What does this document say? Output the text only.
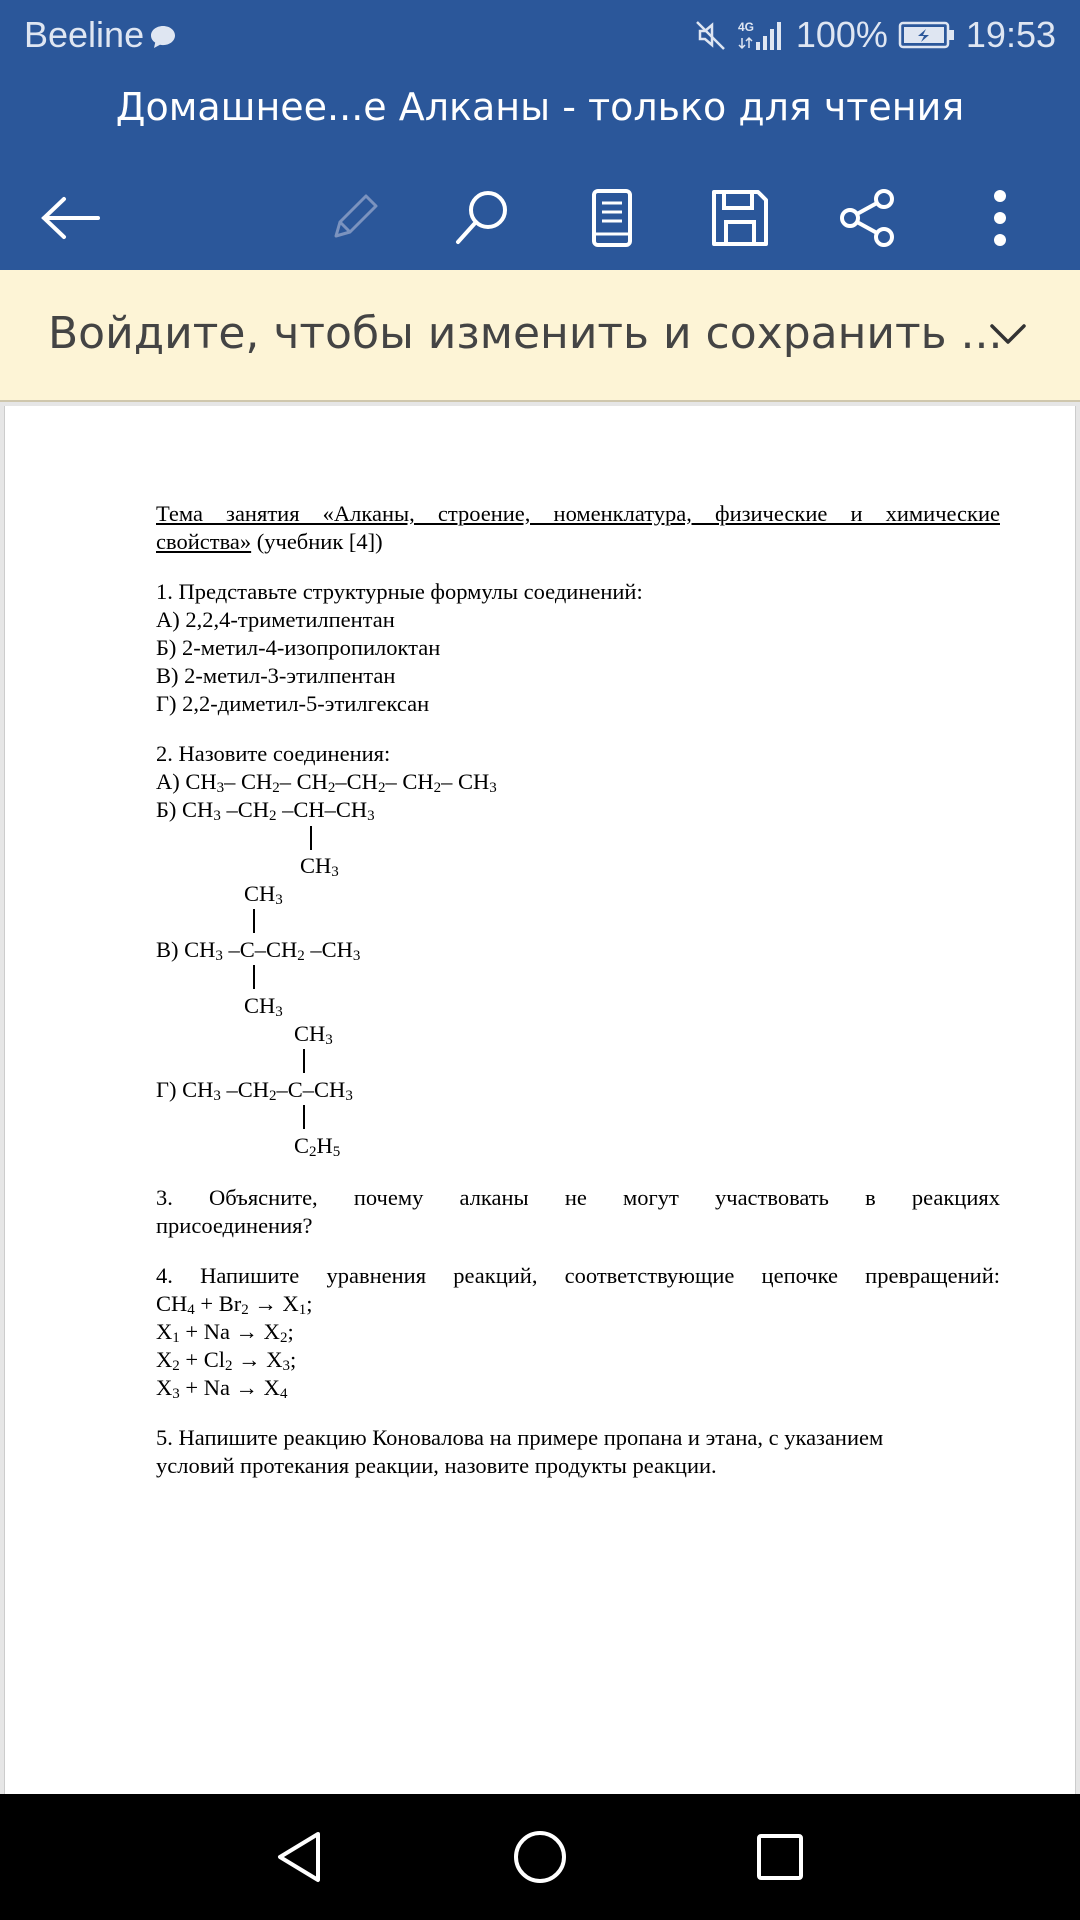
Beeline	4G 100% 19:53
Домашнее...е Алканы - только для чтения
Войдите, чтобы изменить и сохранить ...

Тема занятия «Алканы, строение, номенклатура, физические и химические

свойства» (учебник [4])

1. Представьте структурные формулы соединений:

А) 2,2,4-триметилпентан

Б) 2-метил-4-изопропилоктан

В) 2-метил-3-этилпентан

Г) 2,2-диметил-5-этилгексан

2. Назовите соединения:

А) $CH_3-$ $CH_2-$ $CH_2-CH_2-$ $CH_2-$ $CH_3$

Б) $CH_3$ $-CH_2$ $-CH-CH_3$
$CH_3$
$CH_3$
В) $CH_3$ $-C-CH_2$ $-CH_3$
$CH_3$
$CH_3$
Г) $CH_3$ $-CH_2-C-CH_3$
$C_2H_5$

3. Объясните, почему алканы не могут участвовать в реакциях

присоединения?

4. Напишите уравнения реакций, соответствующие цепочке превращений:

$CH_4 + Br_2 \to X_1$;

$X_1 + Na \to X_2$;

$X_2 + Cl_2 \to X_3$;

$X_3 + Na \to X_4$

5. Напишите реакцию Коновалова на примере пропана и этана, с указанием

условий протекания реакции, назовите продукты реакции.
